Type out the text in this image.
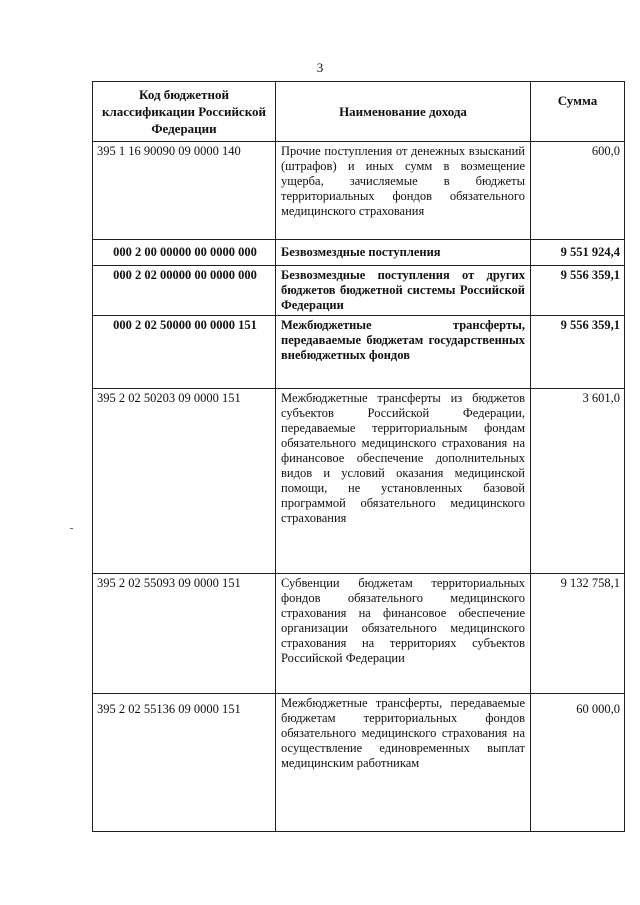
3
Код бюджетной классификации Российской Федерации	Наименование дохода	Сумма
395 1 16 90090 09 0000 140	Прочие поступления от денежных взысканий (штрафов) и иных сумм в возмещение ущерба, зачисляемые в бюджеты территориальных фондов обязательного медицинского страхования	600,0
000 2 00 00000 00 0000 000	Безвозмездные поступления	9 551 924,4
000 2 02 00000 00 0000 000	Безвозмездные поступления от других бюджетов бюджетной системы Российской Федерации	9 556 359,1
000 2 02 50000 00 0000 151	Межбюджетные трансферты, передаваемые бюджетам государственных внебюджетных фондов	9 556 359,1
395 2 02 50203 09 0000 151	Межбюджетные трансферты из бюджетов субъектов Российской Федерации, передаваемые территориальным фондам обязательного медицинского страхования на финансовое обеспечение дополнительных видов и условий оказания медицинской помощи, не установленных базовой программой обязательного медицинского страхования	3 601,0
395 2 02 55093 09 0000 151	Субвенции бюджетам территориальных фондов обязательного медицинского страхования на финансовое обеспечение организации обязательного медицинского страхования на территориях субъектов Российской Федерации	9 132 758,1
395 2 02 55136 09 0000 151	Межбюджетные трансферты, передаваемые бюджетам территориальных фондов обязательного медицинского страхования на осуществление единовременных выплат медицинским работникам	60 000,0
